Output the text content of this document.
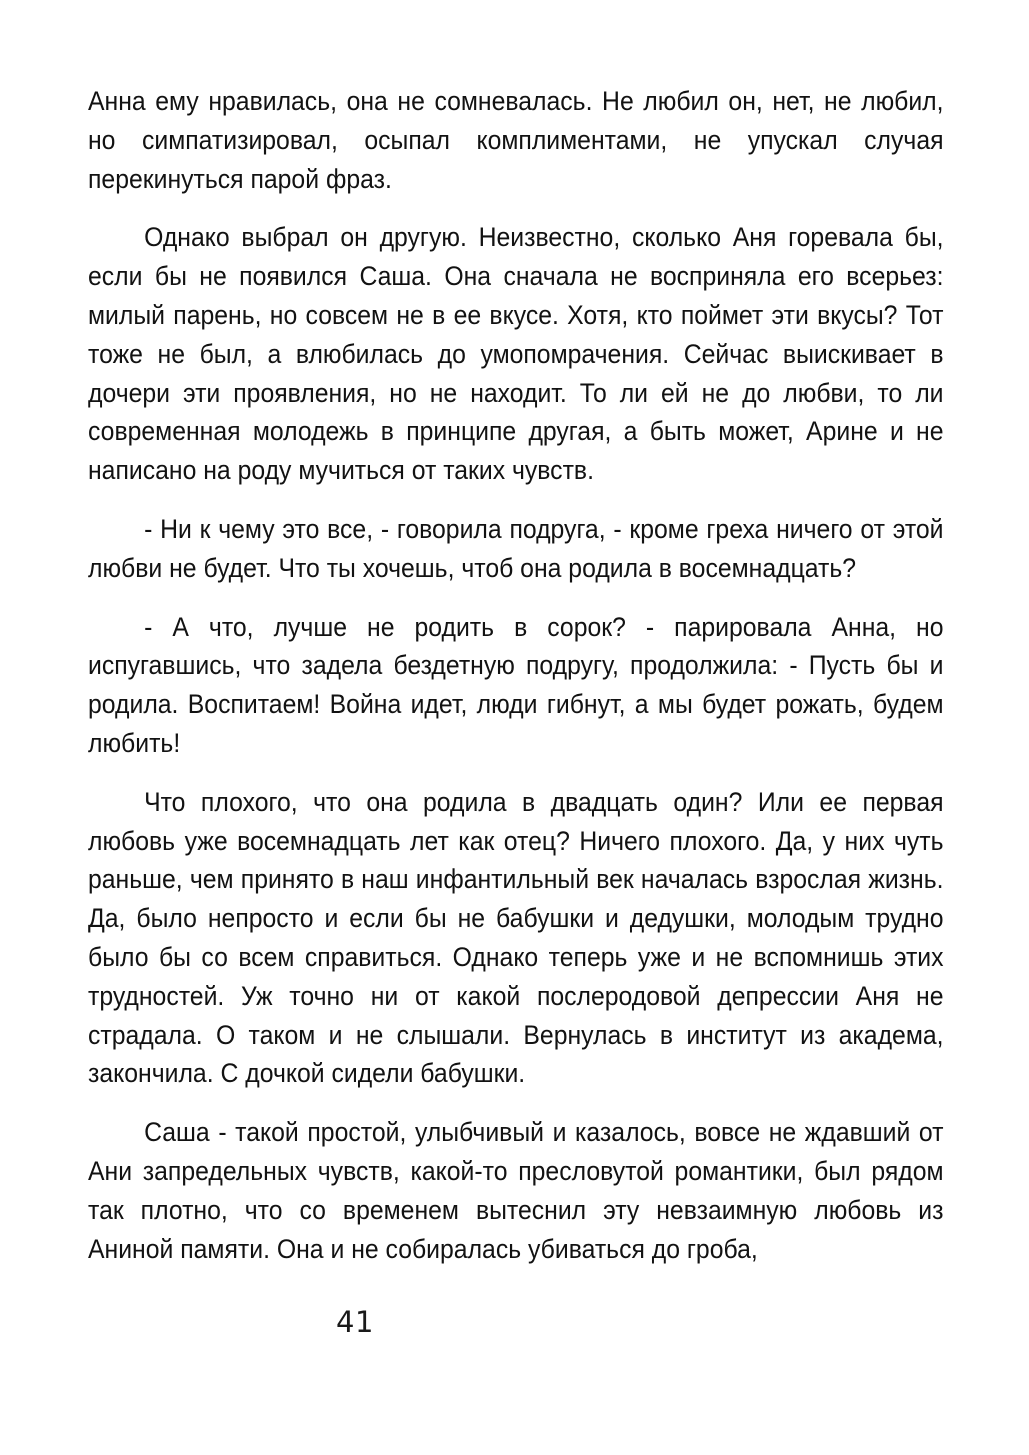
Анна ему нравилась, она не сомневалась. Не любил он, нет, не любил, но симпатизировал, осыпал комплиментами, не упускал случая перекинуться парой фраз.

Однако выбрал он другую. Неизвестно, сколько Аня горевала бы, если бы не появился Саша. Она сначала не восприняла его всерьез: милый парень, но совсем не в ее вкусе. Хотя, кто поймет эти вкусы? Тот тоже не был, а влюбилась до умопомрачения. Сейчас выискивает в дочери эти проявления, но не находит. То ли ей не до любви, то ли современная молодежь в принципе другая, а быть может, Арине и не написано на роду мучиться от таких чувств.

- Ни к чему это все, - говорила подруга, - кроме греха ничего от этой любви не будет. Что ты хочешь, чтоб она родила в восемнадцать?

- А что, лучше не родить в сорок? - парировала Анна, но испугавшись, что задела бездетную подругу, продолжила: - Пусть бы и родила. Воспитаем! Война идет, люди гибнут, а мы будет рожать, будем любить!

Что плохого, что она родила в двадцать один? Или ее первая любовь уже восемнадцать лет как отец? Ничего плохого. Да, у них чуть раньше, чем принято в наш инфантильный век началась взрослая жизнь. Да, было непросто и если бы не бабушки и дедушки, молодым трудно было бы со всем справиться. Однако теперь уже и не вспомнишь этих трудностей. Уж точно ни от какой послеродовой депрессии Аня не страдала. О таком и не слышали. Вернулась в институт из академа, закончила. С дочкой сидели бабушки.

Саша - такой простой, улыбчивый и казалось, вовсе не ждавший от Ани запредельных чувств, какой-то пресловутой романтики, был рядом так плотно, что со временем вытеснил эту невзаимную любовь из Аниной памяти. Она и не собиралась убиваться до гроба,

41
